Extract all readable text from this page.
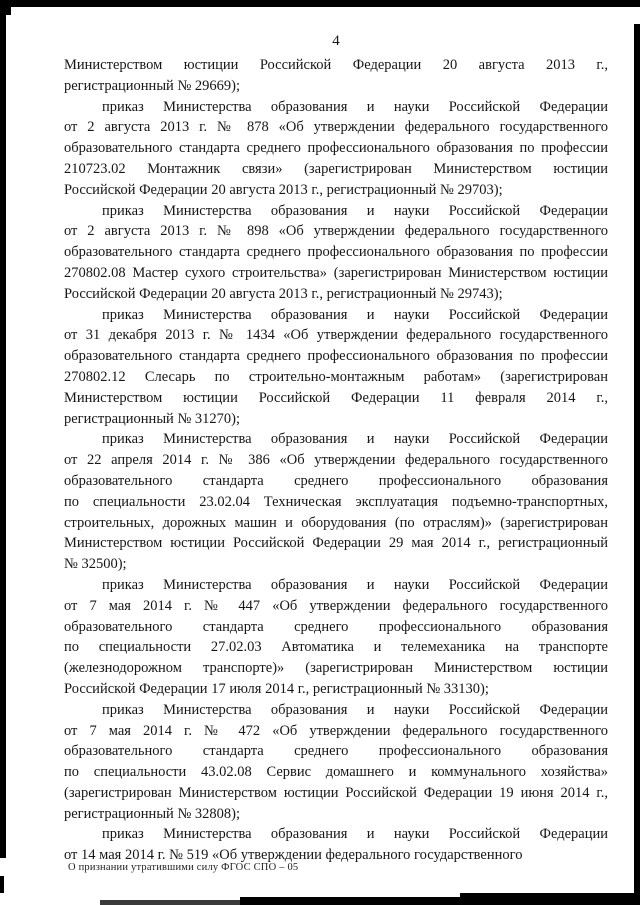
4
Министерством юстиции Российской Федерации 20 августа 2013 г.,
регистрационный № 29669);
приказ Министерства образования и науки Российской Федерации
от 2 августа 2013 г. № 878 «Об утверждении федерального государственного
образовательного стандарта среднего профессионального образования по профессии
210723.02 Монтажник связи» (зарегистрирован Министерством юстиции
Российской Федерации 20 августа 2013 г., регистрационный № 29703);
приказ Министерства образования и науки Российской Федерации
от 2 августа 2013 г. № 898 «Об утверждении федерального государственного
образовательного стандарта среднего профессионального образования по профессии
270802.08 Мастер сухого строительства» (зарегистрирован Министерством юстиции
Российской Федерации 20 августа 2013 г., регистрационный № 29743);
приказ Министерства образования и науки Российской Федерации
от 31 декабря 2013 г. № 1434 «Об утверждении федерального государственного
образовательного стандарта среднего профессионального образования по профессии
270802.12 Слесарь по строительно-монтажным работам» (зарегистрирован
Министерством юстиции Российской Федерации 11 февраля 2014 г.,
регистрационный № 31270);
приказ Министерства образования и науки Российской Федерации
от 22 апреля 2014 г. № 386 «Об утверждении федерального государственного
образовательного стандарта среднего профессионального образования
по специальности 23.02.04 Техническая эксплуатация подъемно-транспортных,
строительных, дорожных машин и оборудования (по отраслям)» (зарегистрирован
Министерством юстиции Российской Федерации 29 мая 2014 г., регистрационный
№ 32500);
приказ Министерства образования и науки Российской Федерации
от 7 мая 2014 г. № 447 «Об утверждении федерального государственного
образовательного стандарта среднего профессионального образования
по специальности 27.02.03 Автоматика и телемеханика на транспорте
(железнодорожном транспорте)» (зарегистрирован Министерством юстиции
Российской Федерации 17 июля 2014 г., регистрационный № 33130);
приказ Министерства образования и науки Российской Федерации
от 7 мая 2014 г. № 472 «Об утверждении федерального государственного
образовательного стандарта среднего профессионального образования
по специальности 43.02.08 Сервис домашнего и коммунального хозяйства»
(зарегистрирован Министерством юстиции Российской Федерации 19 июня 2014 г.,
регистрационный № 32808);
приказ Министерства образования и науки Российской Федерации
от 14 мая 2014 г. № 519 «Об утверждении федерального государственного
О признании утратившими силу ФГОС СПО – 05
